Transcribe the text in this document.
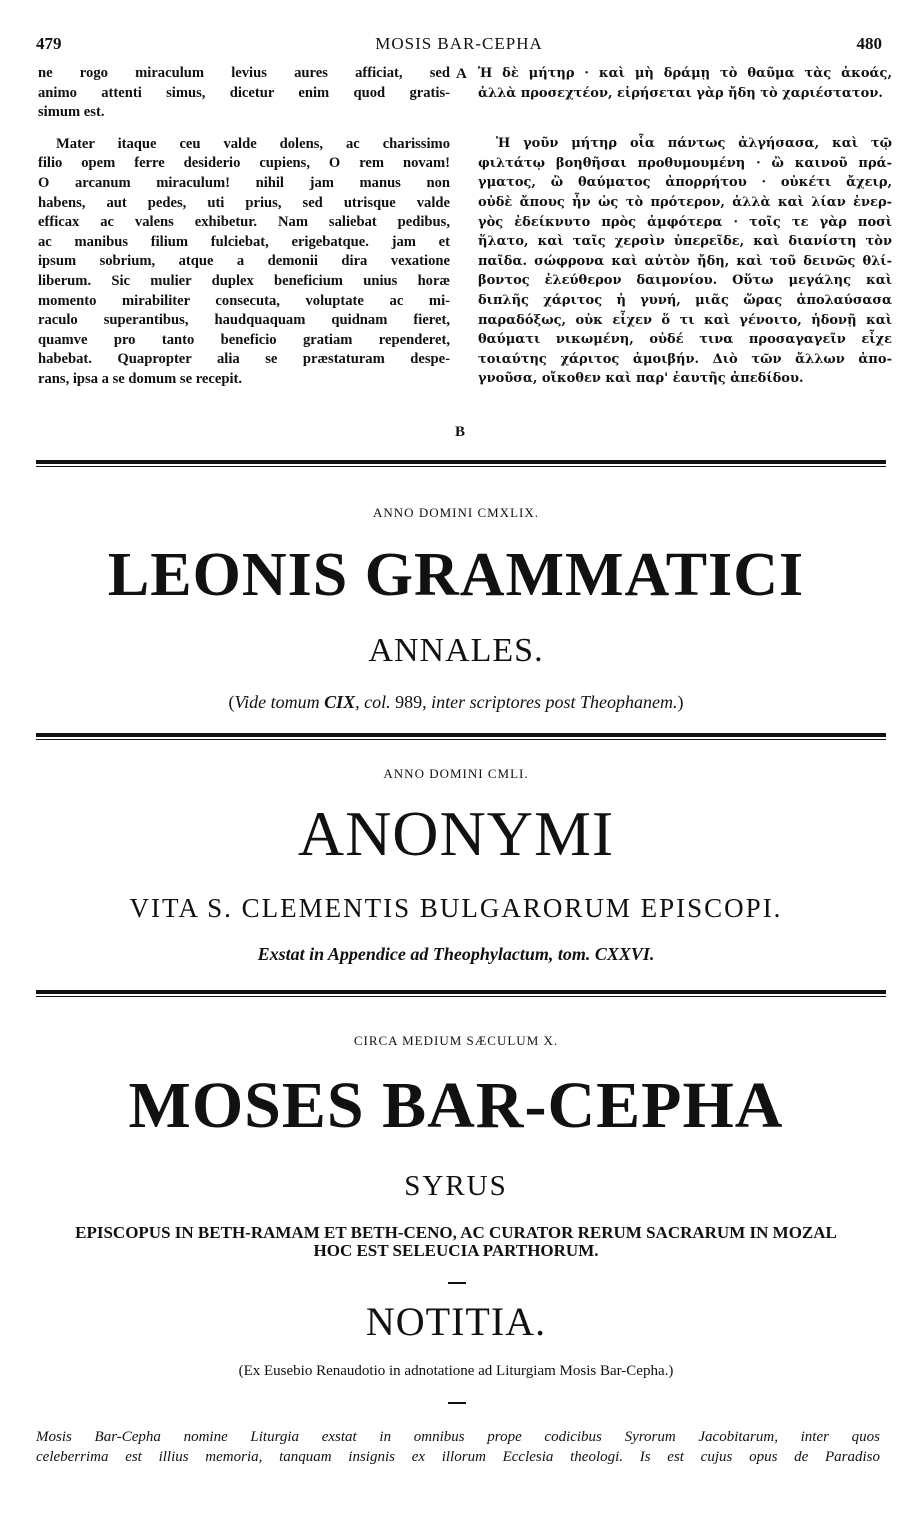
479	MOSIS BAR-CEPHA	480

ne rogo miraculum levius aures afficiat, sed
animo attenti simus, dicetur enim quod gratis-
simum est.

Mater itaque ceu valde dolens, ac charissimo
filio opem ferre desiderio cupiens, O rem novam!
O arcanum miraculum! nihil jam manus non
habens, aut pedes, uti prius, sed utrisque valde
efficax ac valens exhibetur. Nam saliebat pedibus,
ac manibus filium fulciebat, erigebatque. jam et
ipsum sobrium, atque a demonii dira vexatione
liberum. Sic mulier duplex beneficium unius horæ
momento mirabiliter consecuta, voluptate ac mi-
raculo superantibus, haudquaquam quidnam fieret,
quamve pro tanto beneficio gratiam rependeret,
habebat. Quapropter alia se præstaturam despe-
rans, ipsa a se domum se recepit.

A
B

Ἡ δὲ μήτηρ · καὶ μὴ δράμῃ τὸ θαῦμα τὰς ἀκοάς,
ἀλλὰ προσεχτέον, εἰρήσεται γὰρ ἤδη τὸ χαριέστατον.

Ἡ γοῦν μήτηρ οἷα πάντως ἀλγήσασα, καὶ τῷ
φιλτάτῳ βοηθῆσαι προθυμουμένη · ὢ καινοῦ πρά-
γματος, ὢ θαύματος ἀπορρήτου · οὐκέτι ἄχειρ,
οὐδὲ ἄπους ἦν ὡς τὸ πρότερον, ἀλλὰ καὶ λίαν ἐνερ-
γὸς ἐδείκνυτο πρὸς ἀμφότερα · τοῖς τε γὰρ ποσὶ
ἥλατο, καὶ ταῖς χερσὶν ὑπερεῖδε, καὶ διανίστη τὸν
παῖδα. σώφρονα καὶ αὐτὸν ἤδη, καὶ τοῦ δεινῶς θλί-
βοντος ἐλεύθερον δαιμονίου. Οὕτω μεγάλης καὶ
διπλῆς χάριτος ἡ γυνή, μιᾶς ὥρας ἀπολαύσασα
παραδόξως, οὐκ εἶχεν ὅ τι καὶ γένοιτο, ἡδονῇ καὶ
θαύματι νικωμένη, οὐδέ τινα προσαγαγεῖν εἶχε
τοιαύτης χάριτος ἀμοιβήν. Διὸ τῶν ἄλλων ἀπο-
γνοῦσα, οἴκοθεν καὶ παρ' ἑαυτῆς ἀπεδίδου.

ANNO DOMINI CMXLIX.
LEONIS GRAMMATICI
ANNALES.
(Vide tomum CIX, col. 989, inter scriptores post Theophanem.)
ANNO DOMINI CMLI.
ANONYMI
VITA S. CLEMENTIS BULGARORUM EPISCOPI.
Exstat in Appendice ad Theophylactum, tom. CXXVI.
CIRCA MEDIUM SÆCULUM X.
MOSES BAR-CEPHA
SYRUS
EPISCOPUS IN BETH-RAMAM ET BETH-CENO, AC CURATOR RERUM SACRARUM IN MOZAL
HOC EST SELEUCIA PARTHORUM.
NOTITIA.
(Ex Eusebio Renaudotio in adnotatione ad Liturgiam Mosis Bar-Cepha.)
Mosis Bar-Cepha nomine Liturgia exstat in omnibus prope codicibus Syrorum Jacobitarum, inter quos
celeberrima est illius memoria, tanquam insignis ex illorum Ecclesia theologi. Is est cujus opus de Paradiso
